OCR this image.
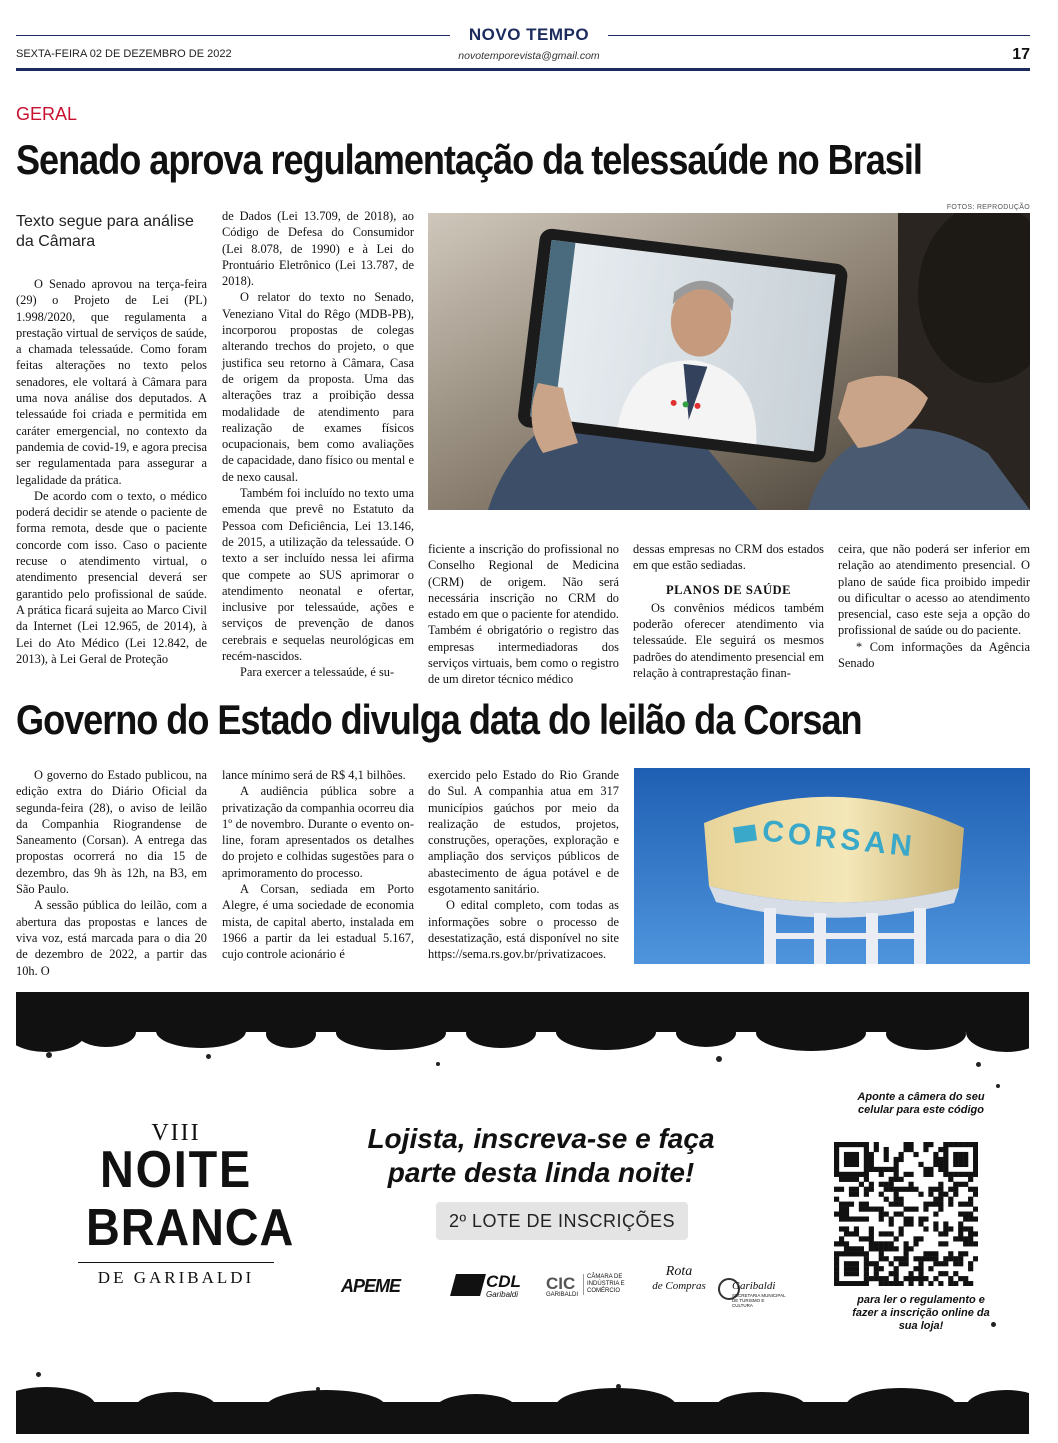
NOVO TEMPO
SEXTA-FEIRA 02 DE DEZEMBRO DE 2022	novotemporevista@gmail.com	17
GERAL
Senado aprova regulamentação da telessaúde no Brasil
Texto segue para análise da Câmara

O Senado aprovou na terça-feira (29) o Projeto de Lei (PL) 1.998/2020, que regulamenta a prestação virtual de serviços de saúde, a chamada telessaúde. Como foram feitas alterações no texto pelos senadores, ele voltará à Câmara para uma nova análise dos deputados. A telessaúde foi criada e permitida em caráter emergencial, no contexto da pandemia de covid-19, e agora precisa ser regulamentada para assegurar a legalidade da prática.

De acordo com o texto, o médico poderá decidir se atende o paciente de forma remota, desde que o paciente concorde com isso. Caso o paciente recuse o atendimento virtual, o atendimento presencial deverá ser garantido pelo profissional de saúde. A prática ficará sujeita ao Marco Civil da Internet (Lei 12.965, de 2014), à Lei do Ato Médico (Lei 12.842, de 2013), à Lei Geral de Proteção

de Dados (Lei 13.709, de 2018), ao Código de Defesa do Consumidor (Lei 8.078, de 1990) e à Lei do Prontuário Eletrônico (Lei 13.787, de 2018).

O relator do texto no Senado, Veneziano Vital do Rêgo (MDB-PB), incorporou propostas de colegas alterando trechos do projeto, o que justifica seu retorno à Câmara, Casa de origem da proposta. Uma das alterações traz a proibição dessa modalidade de atendimento para realização de exames físicos ocupacionais, bem como avaliações de capacidade, dano físico ou mental e de nexo causal.

Também foi incluído no texto uma emenda que prevê no Estatuto da Pessoa com Deficiência, Lei 13.146, de 2015, a utilização da telessaúde. O texto a ser incluído nessa lei afirma que compete ao SUS aprimorar o atendimento neonatal e ofertar, inclusive por telessaúde, ações e serviços de prevenção de danos cerebrais e sequelas neurológicas em recém-nascidos.

Para exercer a telessaúde, é su-

FOTOS: REPRODUÇÃO

ficiente a inscrição do profissional no Conselho Regional de Medicina (CRM) de origem. Não será necessária inscrição no CRM do estado em que o paciente for atendido. Também é obrigatório o registro das empresas intermediadoras dos serviços virtuais, bem como o registro de um diretor técnico médico

dessas empresas no CRM dos estados em que estão sediadas.

PLANOS DE SAÚDE

Os convênios médicos também poderão oferecer atendimento via telessaúde. Ele seguirá os mesmos padrões do atendimento presencial em relação à contraprestação finan-

ceira, que não poderá ser inferior em relação ao atendimento presencial. O plano de saúde fica proibido impedir ou dificultar o acesso ao atendimento presencial, caso este seja a opção do profissional de saúde ou do paciente.

* Com informações da Agência Senado

Governo do Estado divulga data do leilão da Corsan

O governo do Estado publicou, na edição extra do Diário Oficial da segunda-feira (28), o aviso de leilão da Companhia Riograndense de Saneamento (Corsan). A entrega das propostas ocorrerá no dia 15 de dezembro, das 9h às 12h, na B3, em São Paulo.

A sessão pública do leilão, com a abertura das propostas e lances de viva voz, está marcada para o dia 20 de dezembro de 2022, a partir das 10h. O

lance mínimo será de R$ 4,1 bilhões.

A audiência pública sobre a privatização da companhia ocorreu dia 1º de novembro. Durante o evento on-line, foram apresentados os detalhes do projeto e colhidas sugestões para o aprimoramento do processo.

A Corsan, sediada em Porto Alegre, é uma sociedade de economia mista, de capital aberto, instalada em 1966 a partir da lei estadual 5.167, cujo controle acionário é

exercido pelo Estado do Rio Grande do Sul. A companhia atua em 317 municípios gaúchos por meio da realização de estudos, projetos, construções, operações, exploração e ampliação dos serviços públicos de abastecimento de água potável e de esgotamento sanitário.

O edital completo, com todas as informações sobre o processo de desestatização, está disponível no site https://sema.rs.gov.br/privatizacoes.

CORSAN
VIII
NOITE
BRANCA
DE GARIBALDI
Lojista, inscreva-se e faça
parte desta linda noite!
2º LOTE DE INSCRIÇÕES
APEME	CDL
Garibaldi
CIC
GARIBALDI
CÂMARA DE INDÚSTRIA E COMÉRCIO
Rota
de Compras Garibaldi
SECRETARIA MUNICIPAL DE TURISMO E CULTURA
Aponte a câmera do seu celular para este código
para ler o regulamento e fazer a inscrição online da sua loja!
